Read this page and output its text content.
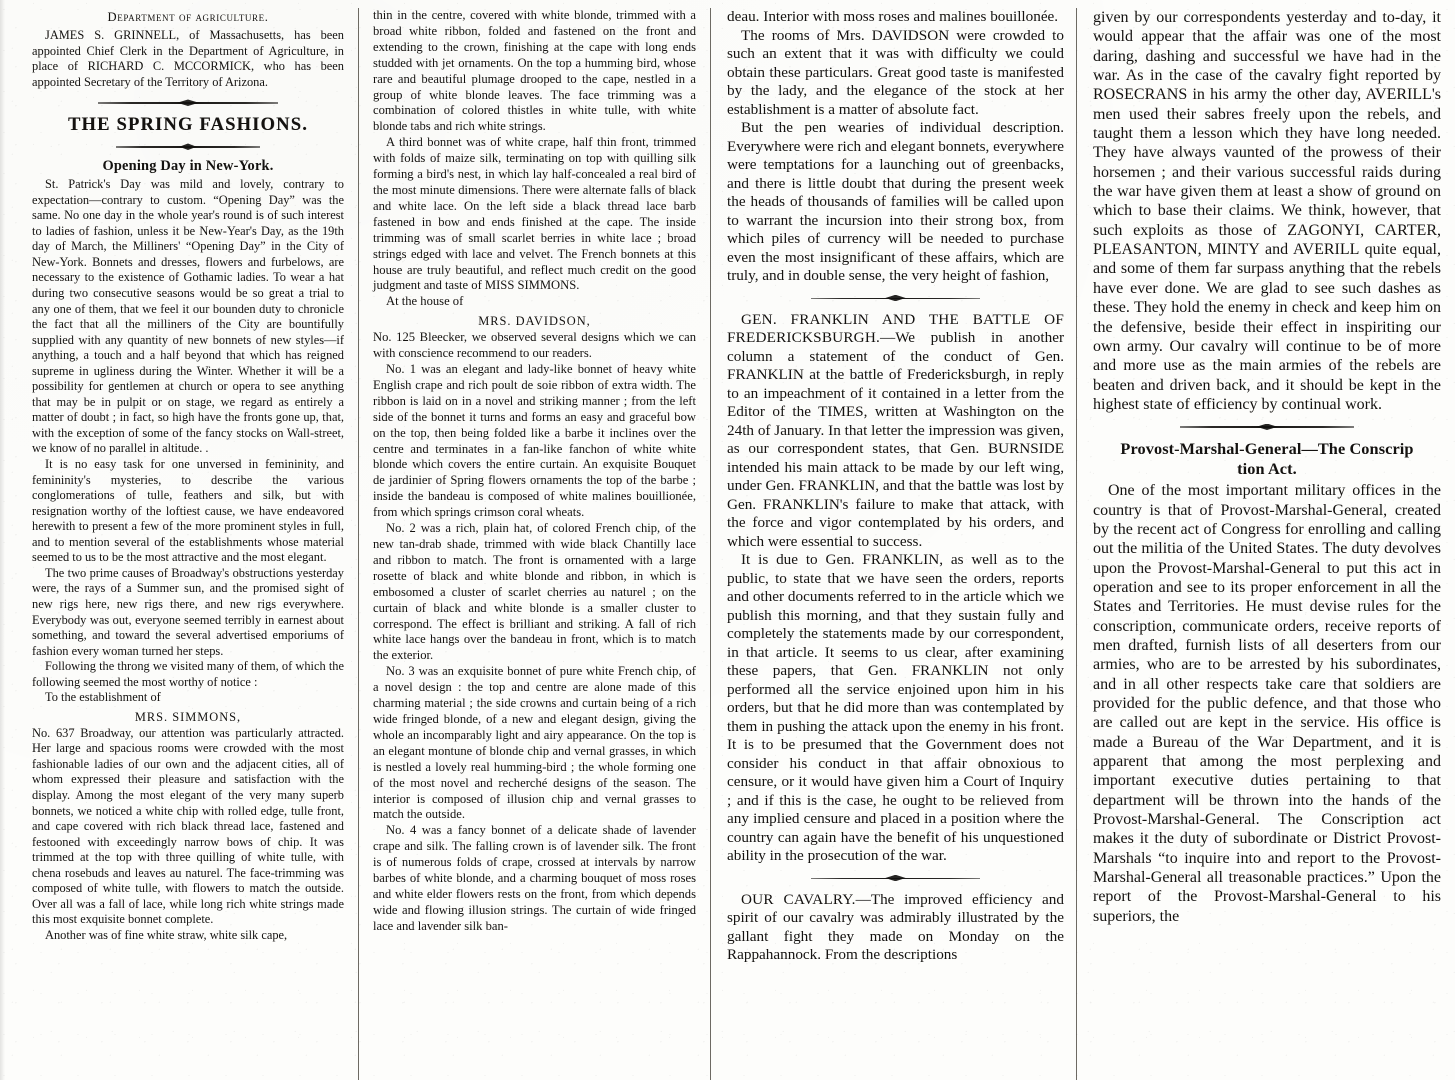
Department of agriculture.

JAMES S. GRINNELL, of Massachusetts, has been appointed Chief Clerk in the Department of Agriculture, in place of RICHARD C. MCCORMICK, who has been appointed Secretary of the Territory of Arizona.

THE SPRING FASHIONS.
Opening Day in New-York.

St. Patrick's Day was mild and lovely, contrary to expectation—contrary to custom. “Opening Day” was the same. No one day in the whole year's round is of such interest to ladies of fashion, unless it be New-Year's Day, as the 19th day of March, the Milliners' “Opening Day” in the City of New-York. Bonnets and dresses, flowers and furbelows, are necessary to the existence of Gothamic ladies. To wear a hat during two consecutive seasons would be so great a trial to any one of them, that we feel it our bounden duty to chronicle the fact that all the milliners of the City are bountifully supplied with any quantity of new bonnets of new styles—if anything, a touch and a half beyond that which has reigned supreme in ugliness during the Winter. Whether it will be a possibility for gentlemen at church or opera to see anything that may be in pulpit or on stage, we regard as entirely a matter of doubt ; in fact, so high have the fronts gone up, that, with the exception of some of the fancy stocks on Wall-street, we know of no parallel in altitude. .

It is no easy task for one unversed in femininity, and femininity's mysteries, to describe the various conglomerations of tulle, feathers and silk, but with resignation worthy of the loftiest cause, we have endeavored herewith to present a few of the more prominent styles in full, and to mention several of the establishments whose material seemed to us to be the most attractive and the most elegant.

The two prime causes of Broadway's obstructions yesterday were, the rays of a Summer sun, and the promised sight of new rigs here, new rigs there, and new rigs everywhere. Everybody was out, everyone seemed terribly in earnest about something, and toward the several advertised emporiums of fashion every woman turned her steps.

Following the throng we visited many of them, of which the following seemed the most worthy of notice :

To the establishment of

MRS. SIMMONS,

No. 637 Broadway, our attention was particularly attracted. Her large and spacious rooms were crowded with the most fashionable ladies of our own and the adjacent cities, all of whom expressed their pleasure and satisfaction with the display. Among the most elegant of the very many superb bonnets, we noticed a white chip with rolled edge, tulle front, and cape covered with rich black thread lace, fastened and festooned with exceedingly narrow bows of chip. It was trimmed at the top with three quilling of white tulle, with chena rosebuds and leaves au naturel. The face-trimming was composed of white tulle, with flowers to match the outside. Over all was a fall of lace, while long rich white strings made this most exquisite bonnet complete.

Another was of fine white straw, white silk cape,

thin in the centre, covered with white blonde, trimmed with a broad white ribbon, folded and fastened on the front and extending to the crown, finishing at the cape with long ends studded with jet ornaments. On the top a humming bird, whose rare and beautiful plumage drooped to the cape, nestled in a group of white blonde leaves. The face trimming was a combination of colored thistles in white tulle, with white blonde tabs and rich white strings.

A third bonnet was of white crape, half thin front, trimmed with folds of maize silk, terminating on top with quilling silk forming a bird's nest, in which lay half-concealed a real bird of the most minute dimensions. There were alternate falls of black and white lace. On the left side a black thread lace barb fastened in bow and ends finished at the cape. The inside trimming was of small scarlet berries in white lace ; broad strings edged with lace and velvet. The French bonnets at this house are truly beautiful, and reflect much credit on the good judgment and taste of MISS SIMMONS.

At the house of

MRS. DAVIDSON,

No. 125 Bleecker, we observed several designs which we can with conscience recommend to our readers.

No. 1 was an elegant and lady-like bonnet of heavy white English crape and rich poult de soie ribbon of extra width. The ribbon is laid on in a novel and striking manner ; from the left side of the bonnet it turns and forms an easy and graceful bow on the top, then being folded like a barbe it inclines over the centre and terminates in a fan-like fanchon of white white blonde which covers the entire curtain. An exquisite Bouquet de jardinier of Spring flowers ornaments the top of the barbe ; inside the bandeau is composed of white malines bouillionée, from which springs crimson coral wheats.

No. 2 was a rich, plain hat, of colored French chip, of the new tan-drab shade, trimmed with wide black Chantilly lace and ribbon to match. The front is ornamented with a large rosette of black and white blonde and ribbon, in which is embosomed a cluster of scarlet cherries au naturel ; on the curtain of black and white blonde is a smaller cluster to correspond. The effect is brilliant and striking. A fall of rich white lace hangs over the bandeau in front, which is to match the exterior.

No. 3 was an exquisite bonnet of pure white French chip, of a novel design : the top and centre are alone made of this charming material ; the side crowns and curtain being of a rich wide fringed blonde, of a new and elegant design, giving the whole an incomparably light and airy appearance. On the top is an elegant montune of blonde chip and vernal grasses, in which is nestled a lovely real humming-bird ; the whole forming one of the most novel and recherché designs of the season. The interior is composed of illusion chip and vernal grasses to match the outside.

No. 4 was a fancy bonnet of a delicate shade of lavender crape and silk. The falling crown is of lavender silk. The front is of numerous folds of crape, crossed at intervals by narrow barbes of white blonde, and a charming bouquet of moss roses and white elder flowers rests on the front, from which depends wide and flowing illusion strings. The curtain of wide fringed lace and lavender silk ban-

deau. Interior with moss roses and malines bouillonée.

The rooms of Mrs. DAVIDSON were crowded to such an extent that it was with difficulty we could obtain these particulars. Great good taste is manifested by the lady, and the elegance of the stock at her establishment is a matter of absolute fact.

But the pen wearies of individual description. Everywhere were rich and elegant bonnets, everywhere were temptations for a launching out of greenbacks, and there is little doubt that during the present week the heads of thousands of families will be called upon to warrant the incursion into their strong box, from which piles of currency will be needed to purchase even the most insignificant of these affairs, which are truly, and in double sense, the very height of fashion,

GEN. FRANKLIN AND THE BATTLE OF FREDERICKSBURGH.—We publish in another column a statement of the conduct of Gen. FRANKLIN at the battle of Fredericksburgh, in reply to an impeachment of it contained in a letter from the Editor of the TIMES, written at Washington on the 24th of January. In that letter the impression was given, as our correspondent states, that Gen. BURNSIDE intended his main attack to be made by our left wing, under Gen. FRANKLIN, and that the battle was lost by Gen. FRANKLIN's failure to make that attack, with the force and vigor contemplated by his orders, and which were essential to success.

It is due to Gen. FRANKLIN, as well as to the public, to state that we have seen the orders, reports and other documents referred to in the article which we publish this morning, and that they sustain fully and completely the statements made by our correspondent, in that article. It seems to us clear, after examining these papers, that Gen. FRANKLIN not only performed all the service enjoined upon him in his orders, but that he did more than was contemplated by them in pushing the attack upon the enemy in his front. It is to be presumed that the Government does not consider his conduct in that affair obnoxious to censure, or it would have given him a Court of Inquiry ; and if this is the case, he ought to be relieved from any implied censure and placed in a position where the country can again have the benefit of his unquestioned ability in the prosecution of the war.

OUR CAVALRY.—The improved efficiency and spirit of our cavalry was admirably illustrated by the gallant fight they made on Monday on the Rappahannock. From the descriptions

given by our correspondents yesterday and to-day, it would appear that the affair was one of the most daring, dashing and successful we have had in the war. As in the case of the cavalry fight reported by ROSECRANS in his army the other day, AVERILL's men used their sabres freely upon the rebels, and taught them a lesson which they have long needed. They have always vaunted of the prowess of their horsemen ; and their various successful raids during the war have given them at least a show of ground on which to base their claims. We think, however, that such exploits as those of ZAGONYI, CARTER, PLEASANTON, MINTY and AVERILL quite equal, and some of them far surpass anything that the rebels have ever done. We are glad to see such dashes as these. They hold the enemy in check and keep him on the defensive, beside their effect in inspiriting our own army. Our cavalry will continue to be of more and more use as the main armies of the rebels are beaten and driven back, and it should be kept in the highest state of efficiency by continual work.

Provost-Marshal-General—The Conscrip
tion Act.

One of the most important military offices in the country is that of Provost-Marshal-General, created by the recent act of Congress for enrolling and calling out the militia of the United States. The duty devolves upon the Provost-Marshal-General to put this act in operation and see to its proper enforcement in all the States and Territories. He must devise rules for the conscription, communicate orders, receive reports of men drafted, furnish lists of all deserters from our armies, who are to be arrested by his subordinates, and in all other respects take care that soldiers are provided for the public defence, and that those who are called out are kept in the service. His office is made a Bureau of the War Department, and it is apparent that among the most perplexing and important executive duties pertaining to that department will be thrown into the hands of the Provost-Marshal-General. The Conscription act makes it the duty of subordinate or District Provost-Marshals “to inquire into and report to the Provost-Marshal-General all treasonable practices.” Upon the report of the Provost-Marshal-General to his superiors, the
